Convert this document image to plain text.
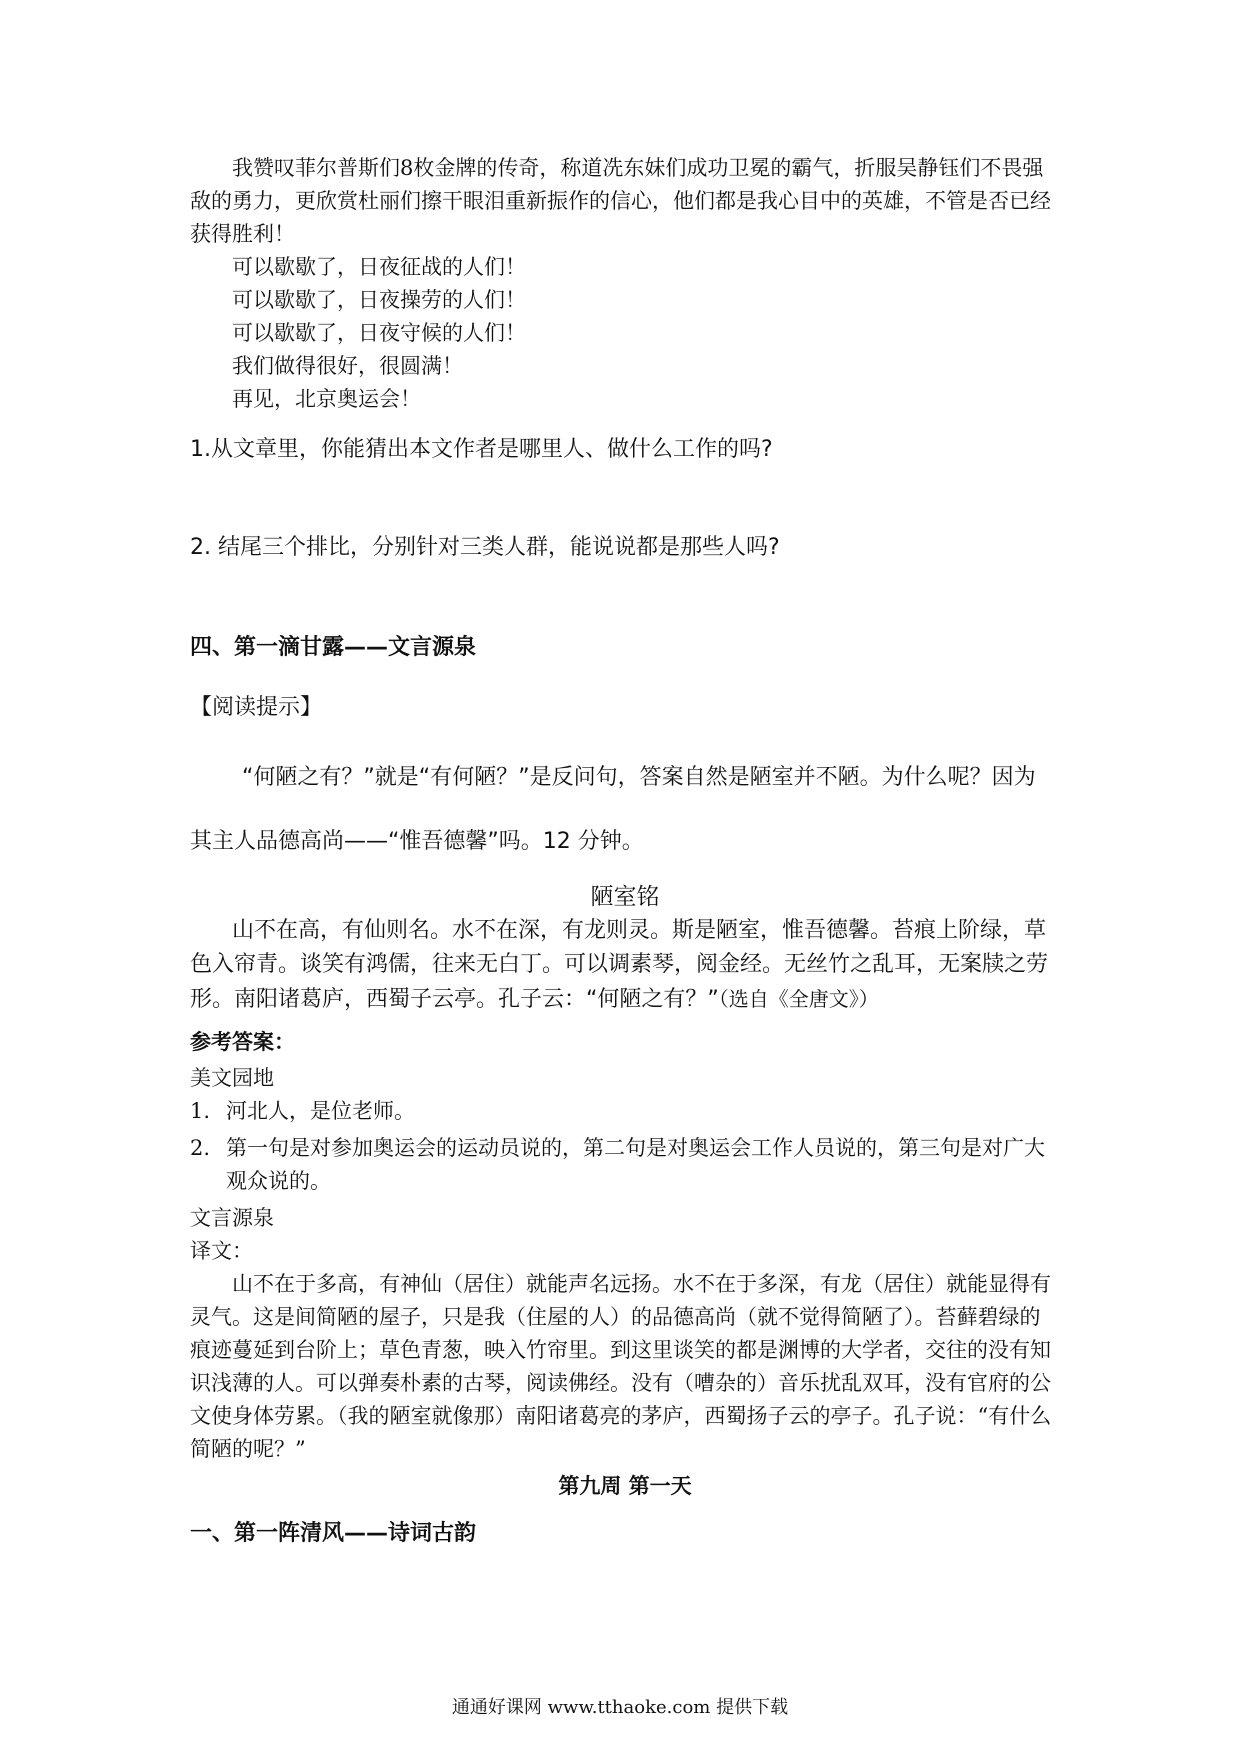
我赞叹菲尔普斯们8枚金牌的传奇，称道冼东妹们成功卫冕的霸气，折服吴静钰们不畏强敌的勇力，更欣赏杜丽们擦干眼泪重新振作的信心，他们都是我心目中的英雄，不管是否已经获得胜利！

可以歇歇了，日夜征战的人们！

可以歇歇了，日夜操劳的人们！

可以歇歇了，日夜守候的人们！

我们做得很好，很圆满！

再见，北京奥运会！

1.从文章里，你能猜出本文作者是哪里人、做什么工作的吗?

2. 结尾三个排比，分别针对三类人群，能说说都是那些人吗?

四、第一滴甘露——文言源泉

【阅读提示】

“何陋之有？”就是“有何陋？”是反问句，答案自然是陋室并不陋。为什么呢？因为

其主人品德高尚——“惟吾德馨”吗。12 分钟。

陋室铭

山不在高，有仙则名。水不在深，有龙则灵。斯是陋室，惟吾德馨。苔痕上阶绿，草色入帘青。谈笑有鸿儒，往来无白丁。可以调素琴，阅金经。无丝竹之乱耳，无案牍之劳形。南阳诸葛庐，西蜀子云亭。孔子云：“何陋之有？”（选自《全唐文》）

参考答案：

美文园地

1. 河北人，是位老师。
2. 第一句是对参加奥运会的运动员说的，第二句是对奥运会工作人员说的，第三句是对广大观众说的。

文言源泉

译文：

山不在于多高，有神仙（居住）就能声名远扬。水不在于多深，有龙（居住）就能显得有灵气。这是间简陋的屋子，只是我（住屋的人）的品德高尚（就不觉得简陋了）。苔藓碧绿的痕迹蔓延到台阶上；草色青葱，映入竹帘里。到这里谈笑的都是渊博的大学者，交往的没有知识浅薄的人。可以弹奏朴素的古琴，阅读佛经。没有（嘈杂的）音乐扰乱双耳，没有官府的公文使身体劳累。（我的陋室就像那）南阳诸葛亮的茅庐，西蜀扬子云的亭子。孔子说：“有什么简陋的呢？”

第九周 第一天

一、第一阵清风——诗词古韵

通通好课网 www.tthaoke.com 提供下载
